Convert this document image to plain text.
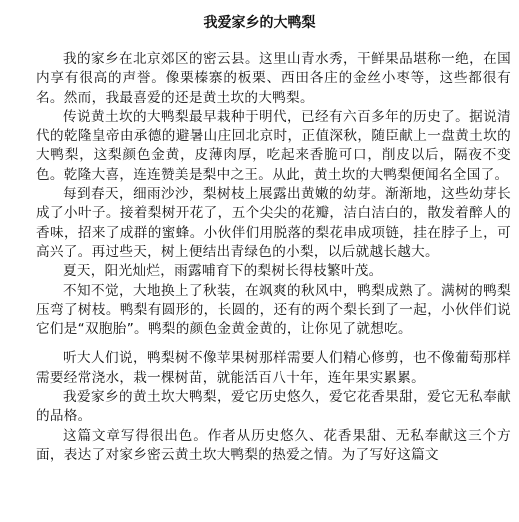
我爱家乡的大鸭梨

我的家乡在北京郊区的密云县。这里山青水秀，干鲜果品堪称一绝，在国内享有很高的声誉。像栗榛寨的板栗、西田各庄的金丝小枣等，这些都很有名。然而，我最喜爱的还是黄土坎的大鸭梨。

传说黄土坎的大鸭梨最早栽种于明代，已经有六百多年的历史了。据说清代的乾隆皇帝由承德的避暑山庄回北京时，正值深秋，随臣献上一盘黄土坎的大鸭梨，这梨颜色金黄，皮薄肉厚，吃起来香脆可口，削皮以后，隔夜不变色。乾隆大喜，连连赞美是梨中之王。从此，黄土坎的大鸭梨便闻名全国了。

每到春天，细雨沙沙，梨树枝上展露出黄嫩的幼芽。渐渐地，这些幼芽长成了小叶子。接着梨树开花了，五个尖尖的花瓣，洁白洁白的，散发着醉人的香味，招来了成群的蜜蜂。小伙伴们用脱落的梨花串成项链，挂在脖子上，可高兴了。再过些天，树上便结出青绿色的小梨，以后就越长越大。

夏天，阳光灿烂，雨露哺育下的梨树长得枝繁叶茂。

不知不觉，大地换上了秋装，在飒爽的秋风中，鸭梨成熟了。满树的鸭梨压弯了树枝。鸭梨有圆形的，长圆的，还有的两个梨长到了一起，小伙伴们说它们是“双胞胎”。鸭梨的颜色金黄金黄的，让你见了就想吃。

听大人们说，鸭梨树不像苹果树那样需要人们精心修剪，也不像葡萄那样需要经常浇水，栽一棵树苗，就能活百八十年，连年果实累累。

我爱家乡的黄土坎大鸭梨，爱它历史悠久，爱它花香果甜，爱它无私奉献的品格。

这篇文章写得很出色。作者从历史悠久、花香果甜、无私奉献这三个方面，表达了对家乡密云黄土坎大鸭梨的热爱之情。为了写好这篇文
